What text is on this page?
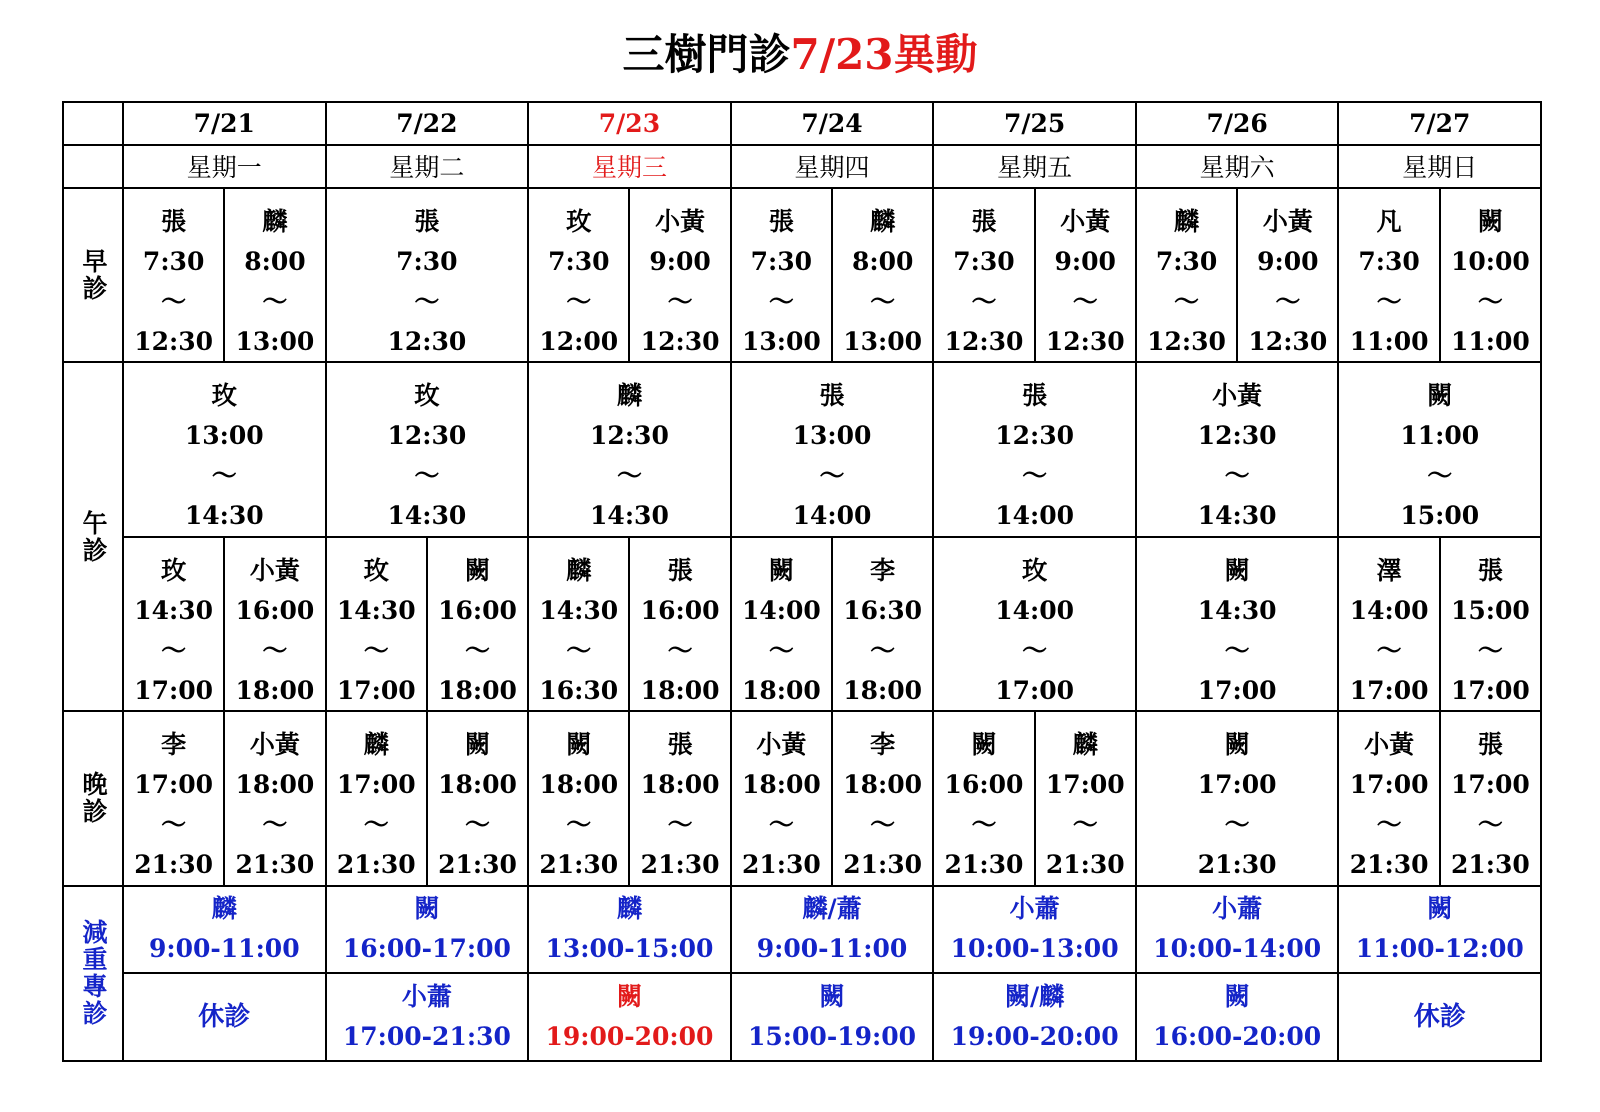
三樹門診7/23異動
	7/21		7/22		7/23		7/24		7/25		7/26		7/27	
	星期一		星期二		星期三		星期四		星期五		星期六		星期日	
早診	張
7:30
～
12:30	麟
8:00
～
13:00	張
7:30
～
12:30		玫
7:30
～
12:00	小黃
9:00
～
12:30	張
7:30
～
13:00	麟
8:00
～
13:00	張
7:30
～
12:30	小黃
9:00
～
12:30	麟
7:30
～
12:30	小黃
9:00
～
12:30	凡
7:30
～
11:00	闕
10:00
～
11:00

午診	玫
13:00
～
14:30		玫
12:30
～
14:30		麟
12:30
～
14:30		張
13:00
～
14:00		張
12:30
～
14:00		小黃
12:30
～
14:30		闕
11:00
～
15:00	

	玫
14:30
～
17:00	小黃
16:00
～
18:00	玫
14:30
～
17:00	闕
16:00
～
18:00	麟
14:30
～
16:30	張
16:00
～
18:00	闕
14:00
～
18:00	李
16:30
～
18:00	玫
14:00
～
17:00		闕
14:30
～
17:00		澤
14:00
～
17:00	張
15:00
～
17:00

晚診	李
17:00
～
21:30	小黃
18:00
～
21:30	麟
17:00
～
21:30	闕
18:00
～
21:30	闕
18:00
～
21:30	張
18:00
～
21:30	小黃
18:00
～
21:30	李
18:00
～
21:30	闕
16:00
～
21:30	麟
17:00
～
21:30	闕
17:00
～
21:30		小黃
17:00
～
21:30	張
17:00
～
21:30

減重專診	麟
9:00-11:00		闕
16:00-17:00		麟
13:00-15:00		麟/蕭
9:00-11:00		小蕭
10:00-13:00		小蕭
10:00-14:00		闕
11:00-12:00	

	休診		小蕭
17:00-21:30		闕
19:00-20:00		闕
15:00-19:00		闕/麟
19:00-20:00		闕
16:00-20:00		休診	
